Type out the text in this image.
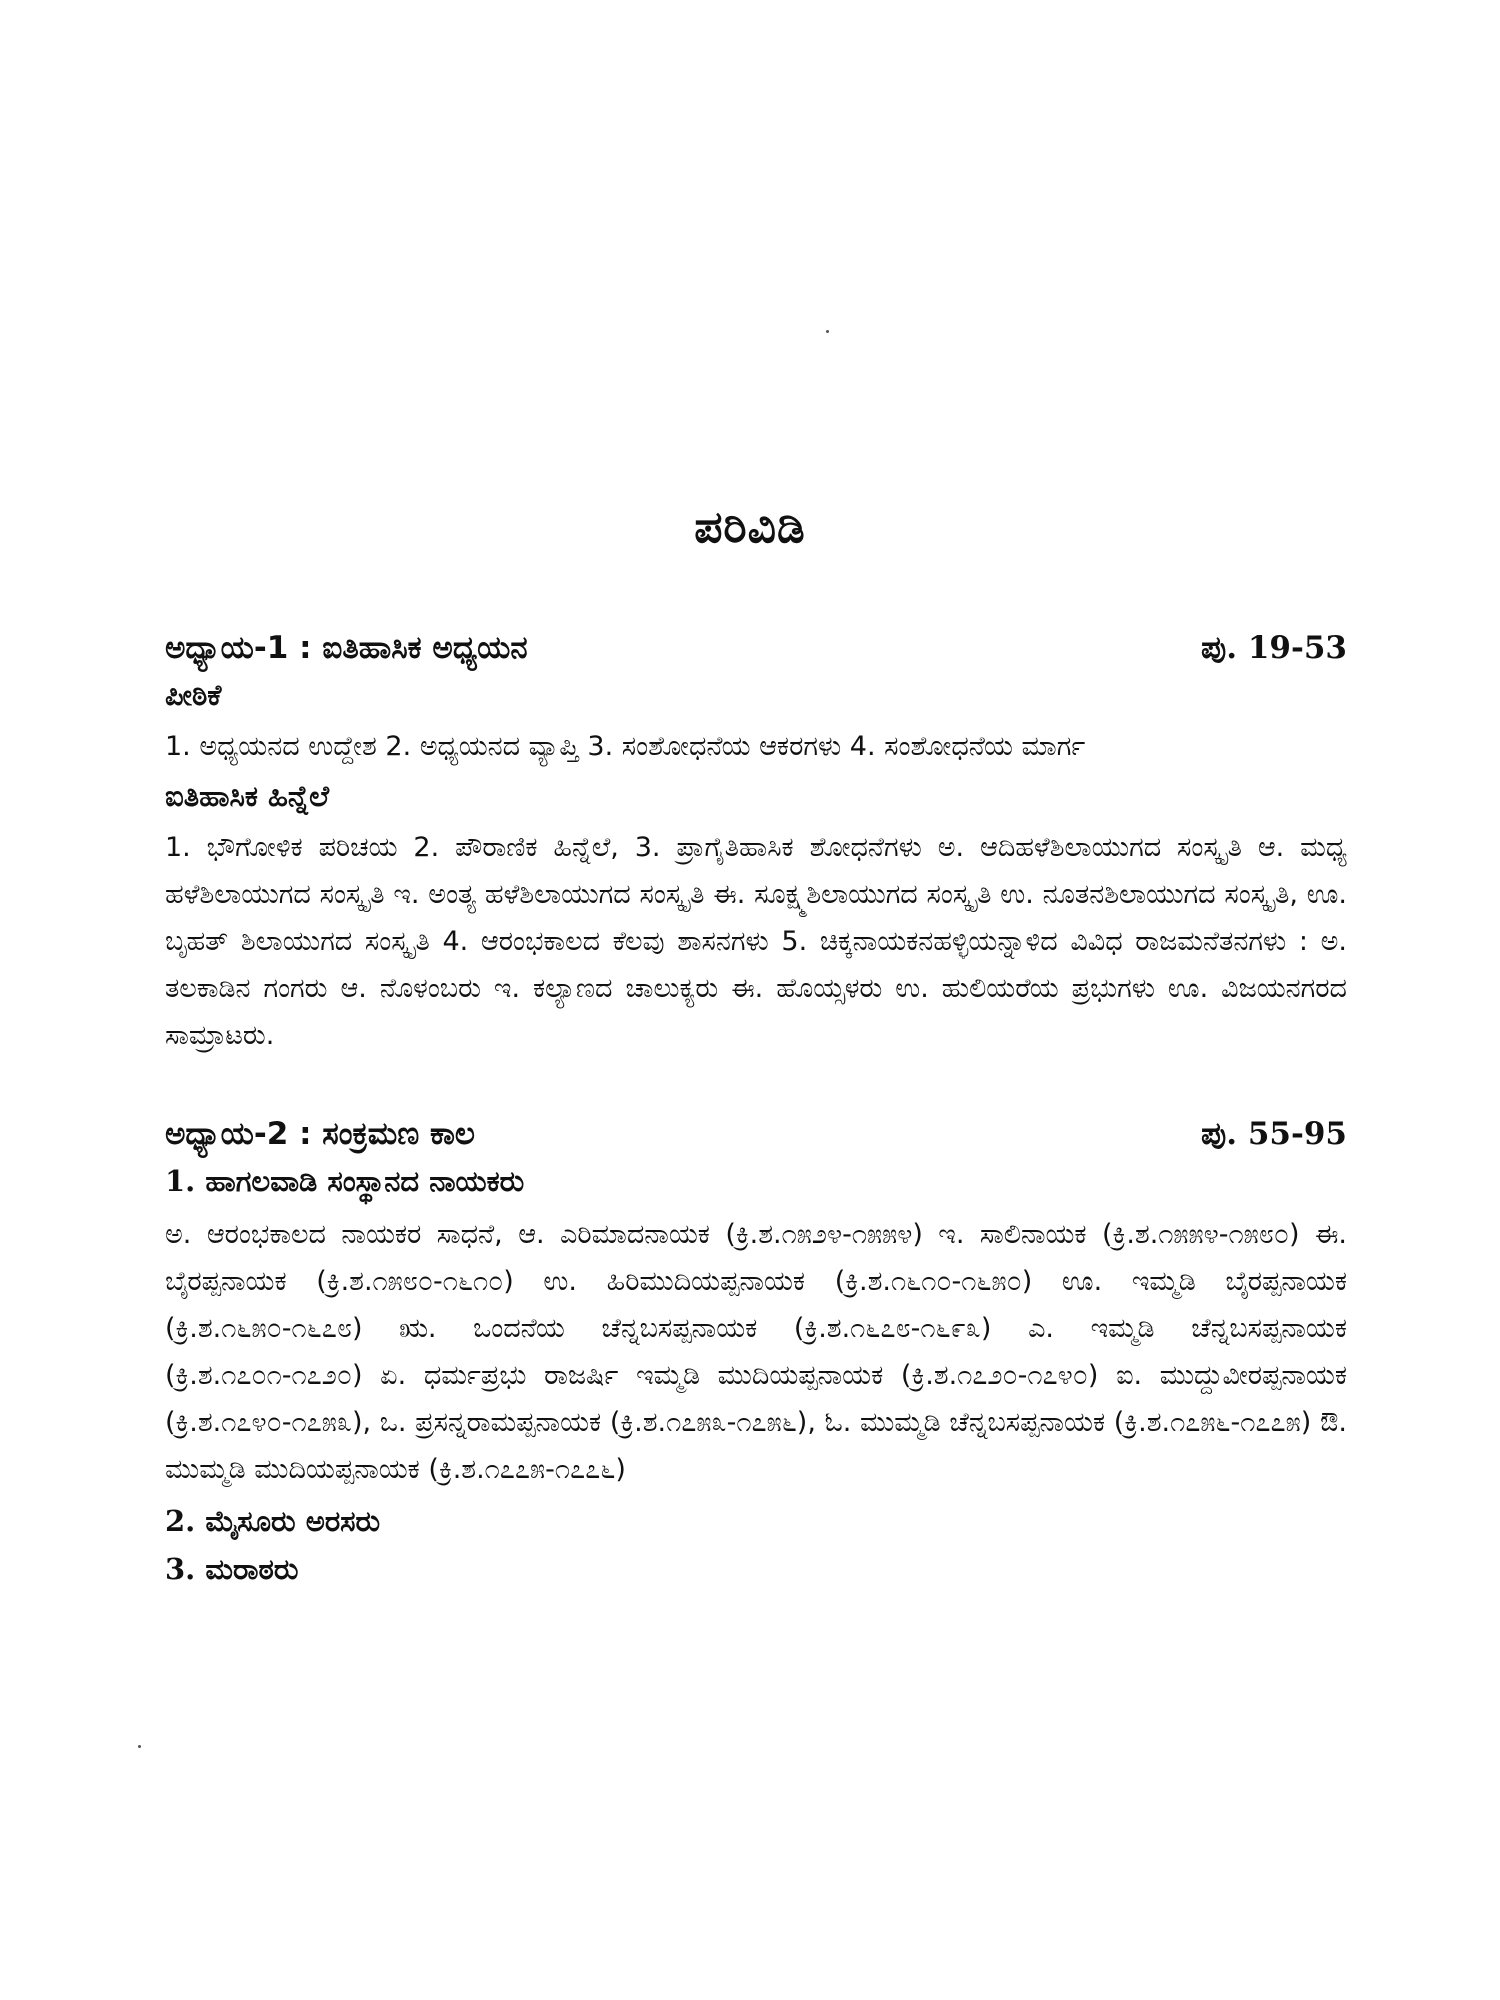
ಪರಿವಿಡಿ
ಅಧ್ಯಾಯ-1 : ಐತಿಹಾಸಿಕ ಅಧ್ಯಯನ	ಪು. 19-53
ಪೀಠಿಕೆ
1. ಅಧ್ಯಯನದ ಉದ್ದೇಶ 2. ಅಧ್ಯಯನದ ವ್ಯಾಪ್ತಿ 3. ಸಂಶೋಧನೆಯ ಆಕರಗಳು 4. ಸಂಶೋಧನೆಯ ಮಾರ್ಗ
ಐತಿಹಾಸಿಕ ಹಿನ್ನೆಲೆ
1. ಭೌಗೋಳಿಕ ಪರಿಚಯ 2. ಪೌರಾಣಿಕ ಹಿನ್ನೆಲೆ, 3. ಪ್ರಾಗೈತಿಹಾಸಿಕ ಶೋಧನೆಗಳು ಅ. ಆದಿಹಳೆಶಿಲಾಯುಗದ ಸಂಸ್ಕೃತಿ ಆ. ಮಧ್ಯ ಹಳೆಶಿಲಾಯುಗದ ಸಂಸ್ಕೃತಿ ಇ. ಅಂತ್ಯ ಹಳೆಶಿಲಾಯುಗದ ಸಂಸ್ಕೃತಿ ಈ. ಸೂಕ್ಷ್ಮಶಿಲಾಯುಗದ ಸಂಸ್ಕೃತಿ ಉ. ನೂತನಶಿಲಾಯುಗದ ಸಂಸ್ಕೃತಿ, ಊ. ಬೃಹತ್ ಶಿಲಾಯುಗದ ಸಂಸ್ಕೃತಿ 4. ಆರಂಭಕಾಲದ ಕೆಲವು ಶಾಸನಗಳು 5. ಚಿಕ್ಕನಾಯಕನಹಳ್ಳಿಯನ್ನಾಳಿದ ವಿವಿಧ ರಾಜಮನೆತನಗಳು : ಅ. ತಲಕಾಡಿನ ಗಂಗರು ಆ. ನೊಳಂಬರು ಇ. ಕಲ್ಯಾಣದ ಚಾಲುಕ್ಯರು ಈ. ಹೊಯ್ಸಳರು ಉ. ಹುಲಿಯರೆಯ ಪ್ರಭುಗಳು ಊ. ವಿಜಯನಗರದ ಸಾಮ್ರಾಟರು.
ಅಧ್ಯಾಯ-2 : ಸಂಕ್ರಮಣ ಕಾಲ	ಪು. 55-95
1. ಹಾಗಲವಾಡಿ ಸಂಸ್ಥಾನದ ನಾಯಕರು
ಅ. ಆರಂಭಕಾಲದ ನಾಯಕರ ಸಾಧನೆ, ಆ. ಎರಿಮಾದನಾಯಕ (ಕ್ರಿ.ಶ.೧೫೨೪-೧೫೫೪) ಇ. ಸಾಲಿನಾಯಕ (ಕ್ರಿ.ಶ.೧೫೫೪-೧೫೮೦) ಈ. ಬೈರಪ್ಪನಾಯಕ (ಕ್ರಿ.ಶ.೧೫೮೦-೧೬೧೦) ಉ. ಹಿರಿಮುದಿಯಪ್ಪನಾಯಕ (ಕ್ರಿ.ಶ.೧೬೧೦-೧೬೫೦) ಊ. ಇಮ್ಮಡಿ ಬೈರಪ್ಪನಾಯಕ (ಕ್ರಿ.ಶ.೧೬೫೦-೧೬೭೮) ಋ. ಒಂದನೆಯ ಚೆನ್ನಬಸಪ್ಪನಾಯಕ (ಕ್ರಿ.ಶ.೧೬೭೮-೧೬೯೩) ಎ. ಇಮ್ಮಡಿ ಚೆನ್ನಬಸಪ್ಪನಾಯಕ (ಕ್ರಿ.ಶ.೧೭೦೧-೧೭೨೦) ಏ. ಧರ್ಮಪ್ರಭು ರಾಜರ್ಷಿ ಇಮ್ಮಡಿ ಮುದಿಯಪ್ಪನಾಯಕ (ಕ್ರಿ.ಶ.೧೭೨೦-೧೭೪೦) ಐ. ಮುದ್ದುವೀರಪ್ಪನಾಯಕ (ಕ್ರಿ.ಶ.೧೭೪೦-೧೭೫೩), ಒ. ಪ್ರಸನ್ನರಾಮಪ್ಪನಾಯಕ (ಕ್ರಿ.ಶ.೧೭೫೩-೧೭೫೬), ಓ. ಮುಮ್ಮಡಿ ಚೆನ್ನಬಸಪ್ಪನಾಯಕ (ಕ್ರಿ.ಶ.೧೭೫೬-೧೭೭೫) ಔ. ಮುಮ್ಮಡಿ ಮುದಿಯಪ್ಪನಾಯಕ (ಕ್ರಿ.ಶ.೧೭೭೫-೧೭೭೬)
2. ಮೈಸೂರು ಅರಸರು
3. ಮರಾಠರು
